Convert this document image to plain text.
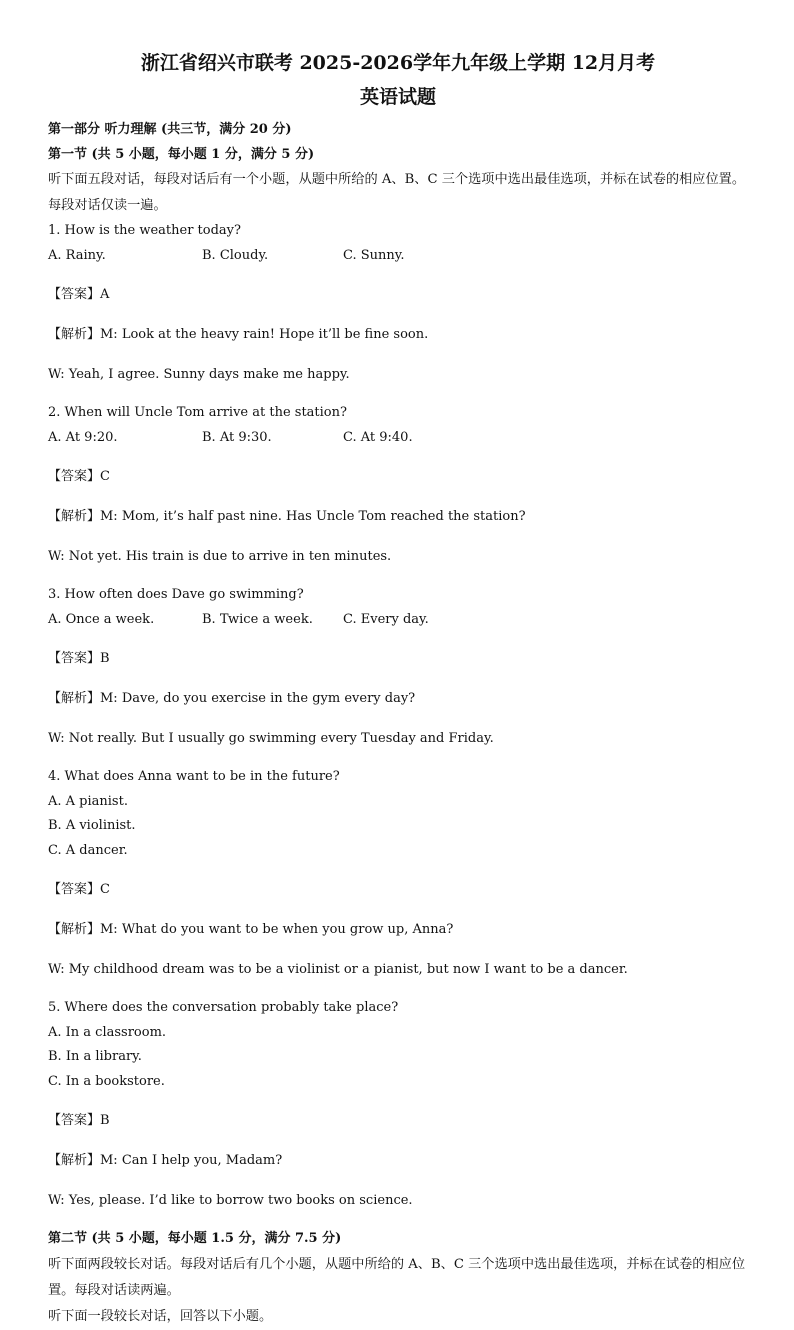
浙江省绍兴市联考 2025-2026学年九年级上学期 12月月考

英语试题

第一部分 听力理解 (共三节，满分 20 分)

第一节 (共 5 小题，每小题 1 分，满分 5 分)

听下面五段对话，每段对话后有一个小题，从题中所给的 A、B、C 三个选项中选出最佳选项，并标在试卷的相应位置。每段对话仅读一遍。

1. How is the weather today?

A. Rainy.	B. Cloudy.	C. Sunny.

【答案】A

【解析】M: Look at the heavy rain! Hope it’ll be fine soon.

W: Yeah, I agree. Sunny days make me happy.

2. When will Uncle Tom arrive at the station?

A. At 9:20.	B. At 9:30.	C. At 9:40.

【答案】C

【解析】M: Mom, it’s half past nine. Has Uncle Tom reached the station?

W: Not yet. His train is due to arrive in ten minutes.

3. How often does Dave go swimming?

A. Once a week.	B. Twice a week.	C. Every day.

【答案】B

【解析】M: Dave, do you exercise in the gym every day?

W: Not really. But I usually go swimming every Tuesday and Friday.

4. What does Anna want to be in the future?

A. A pianist.

B. A violinist.

C. A dancer.

【答案】C

【解析】M: What do you want to be when you grow up, Anna?

W: My childhood dream was to be a violinist or a pianist, but now I want to be a dancer.

5. Where does the conversation probably take place?

A. In a classroom.

B. In a library.

C. In a bookstore.

【答案】B

【解析】M: Can I help you, Madam?

W: Yes, please. I’d like to borrow two books on science.

第二节 (共 5 小题，每小题 1.5 分，满分 7.5 分)

听下面两段较长对话。每段对话后有几个小题，从题中所给的 A、B、C 三个选项中选出最佳选项，并标在试卷的相应位置。每段对话读两遍。

听下面一段较长对话，回答以下小题。
